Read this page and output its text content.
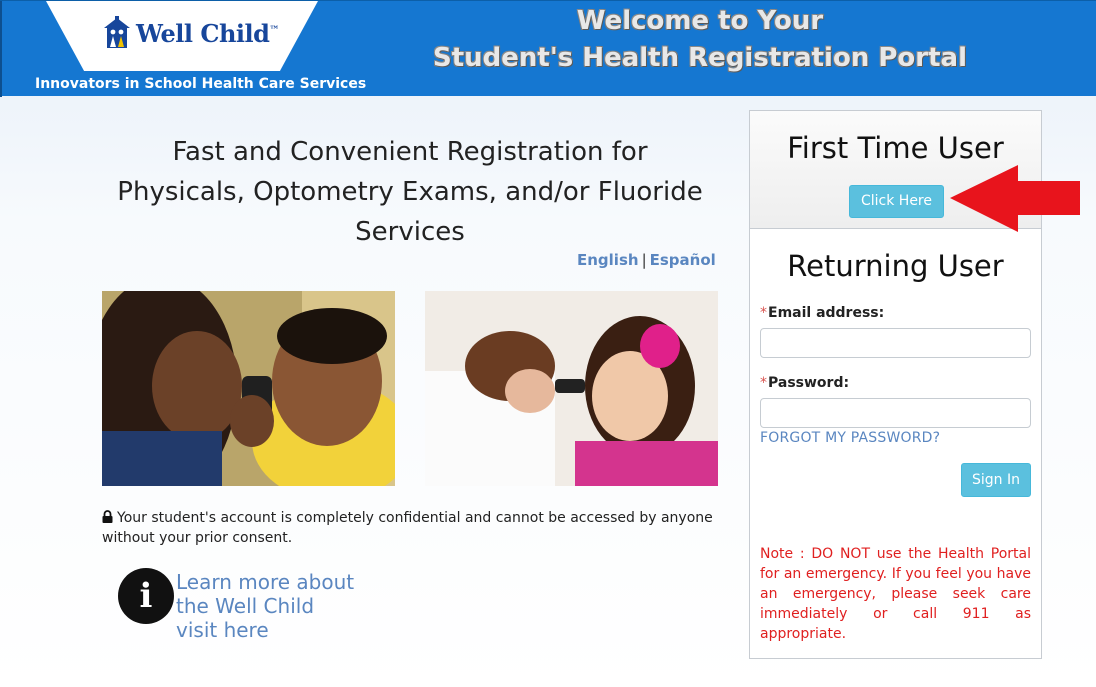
Well Child™
Innovators in School Health Care Services
Welcome to Your
Student's Health Registration Portal
Fast and Convenient Registration for
Physicals, Optometry Exams, and/or Fluoride
Services
English | Español
Your student's account is completely confidential and cannot be accessed by anyone without your prior consent.
i	Learn more about
the Well Child
visit here
First Time User
Click Here
Returning User
*Email address:
*Password:
FORGOT MY PASSWORD?
Sign In
Note : DO NOT use the Health Portal for an emergency. If you feel you have an emergency, please seek care immediately or call 911 as appropriate.
